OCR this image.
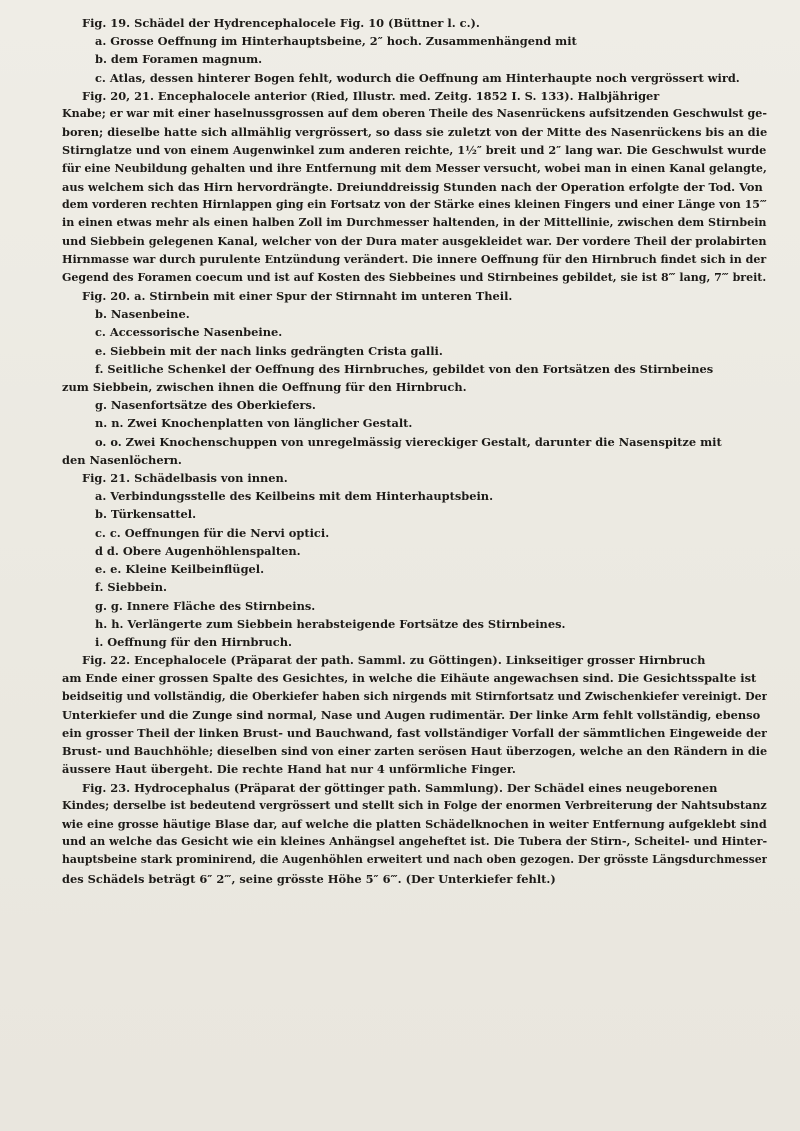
Fig. 19. Schädel der Hydrencephalocele Fig. 10 (Büttner l. c.).
a. Grosse Oeffnung im Hinterhauptsbeine, 2″ hoch. Zusammenhängend mit
b. dem Foramen magnum.
c. Atlas, dessen hinterer Bogen fehlt, wodurch die Oeffnung am Hinterhaupte noch vergrössert wird.
Fig. 20, 21. Encephalocele anterior (Ried, Illustr. med. Zeitg. 1852 I. S. 133). Halbjähriger
Knabe; er war mit einer haselnussgrossen auf dem oberen Theile des Nasenrückens aufsitzenden Geschwulst ge-
boren; dieselbe hatte sich allmählig vergrössert, so dass sie zuletzt von der Mitte des Nasenrückens bis an die
Stirnglatze und von einem Augenwinkel zum anderen reichte, 1½″ breit und 2″ lang war. Die Geschwulst wurde
für eine Neubildung gehalten und ihre Entfernung mit dem Messer versucht, wobei man in einen Kanal gelangte,
aus welchem sich das Hirn hervordrängte. Dreiunddreissig Stunden nach der Operation erfolgte der Tod. Von
dem vorderen rechten Hirnlappen ging ein Fortsatz von der Stärke eines kleinen Fingers und einer Länge von 15‴
in einen etwas mehr als einen halben Zoll im Durchmesser haltenden, in der Mittellinie, zwischen dem Stirnbein
und Siebbein gelegenen Kanal, welcher von der Dura mater ausgekleidet war. Der vordere Theil der prolabirten
Hirnmasse war durch purulente Entzündung verändert. Die innere Oeffnung für den Hirnbruch findet sich in der
Gegend des Foramen coecum und ist auf Kosten des Siebbeines und Stirnbeines gebildet, sie ist 8‴ lang, 7‴ breit.
Fig. 20. a. Stirnbein mit einer Spur der Stirnnaht im unteren Theil.
b. Nasenbeine.
c. Accessorische Nasenbeine.
e. Siebbein mit der nach links gedrängten Crista galli.
f. Seitliche Schenkel der Oeffnung des Hirnbruches, gebildet von den Fortsätzen des Stirnbeines
zum Siebbein, zwischen ihnen die Oeffnung für den Hirnbruch.
g. Nasenfortsätze des Oberkiefers.
n. n. Zwei Knochenplatten von länglicher Gestalt.
o. o. Zwei Knochenschuppen von unregelmässig viereckiger Gestalt, darunter die Nasenspitze mit
den Nasenlöchern.
Fig. 21. Schädelbasis von innen.
a. Verbindungsstelle des Keilbeins mit dem Hinterhauptsbein.
b. Türkensattel.
c. c. Oeffnungen für die Nervi optici.
d d. Obere Augenhöhlenspalten.
e. e. Kleine Keilbeinflügel.
f. Siebbein.
g. g. Innere Fläche des Stirnbeins.
h. h. Verlängerte zum Siebbein herabsteigende Fortsätze des Stirnbeines.
i. Oeffnung für den Hirnbruch.
Fig. 22. Encephalocele (Präparat der path. Samml. zu Göttingen). Linkseitiger grosser Hirnbruch
am Ende einer grossen Spalte des Gesichtes, in welche die Eihäute angewachsen sind. Die Gesichtsspalte ist
beidseitig und vollständig, die Oberkiefer haben sich nirgends mit Stirnfortsatz und Zwischenkiefer vereinigt. Der
Unterkiefer und die Zunge sind normal, Nase und Augen rudimentär. Der linke Arm fehlt vollständig, ebenso
ein grosser Theil der linken Brust- und Bauchwand, fast vollständiger Vorfall der sämmtlichen Eingeweide der
Brust- und Bauchhöhle; dieselben sind von einer zarten serösen Haut überzogen, welche an den Rändern in die
äussere Haut übergeht. Die rechte Hand hat nur 4 unförmliche Finger.
Fig. 23. Hydrocephalus (Präparat der göttinger path. Sammlung). Der Schädel eines neugeborenen
Kindes; derselbe ist bedeutend vergrössert und stellt sich in Folge der enormen Verbreiterung der Nahtsubstanz
wie eine grosse häutige Blase dar, auf welche die platten Schädelknochen in weiter Entfernung aufgeklebt sind
und an welche das Gesicht wie ein kleines Anhängsel angeheftet ist. Die Tubera der Stirn-, Scheitel- und Hinter-
hauptsbeine stark prominirend, die Augenhöhlen erweitert und nach oben gezogen. Der grösste Längsdurchmesser
des Schädels beträgt 6″ 2‴, seine grösste Höhe 5″ 6‴. (Der Unterkiefer fehlt.)
